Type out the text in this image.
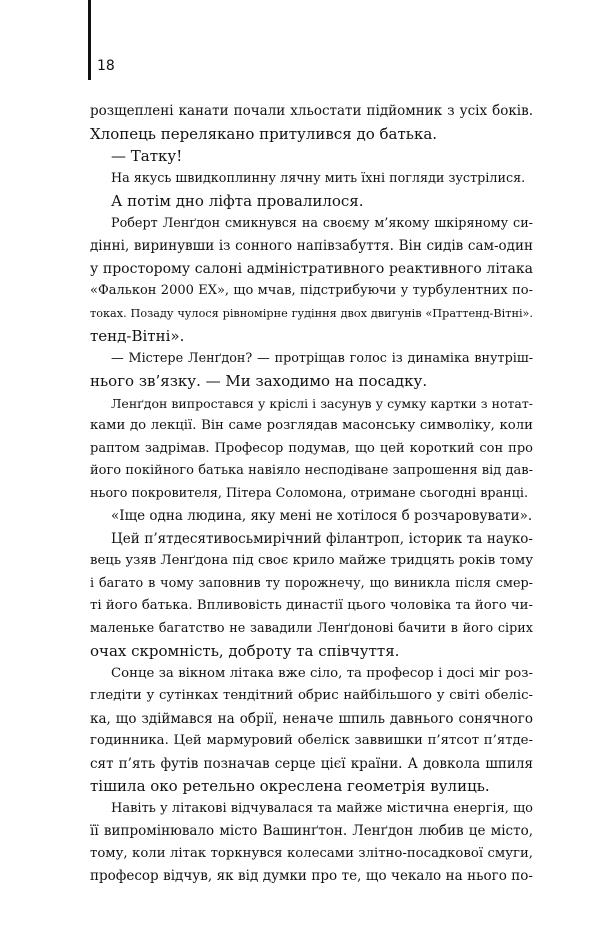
18
розщеплені канати почали хльостати підйомник з усіх боків.
Хлопець перелякано притулився до батька.
— Татку!
На якусь швидкоплинну лячну мить їхні погляди зустрілися.
А потім дно ліфта провалилося.
Роберт Ленґдон смикнувся на своєму м’якому шкіряному си-
дінні, виринувши із сонного напівзабуття. Він сидів сам-один
у просторому салоні адміністративного реактивного літака
«Фалькон 2000 ЕХ», що мчав, підстрибуючи у турбулентних по-
токах. Позаду чулося рівномірне гудіння двох двигунів «Праттенд-Вітні».
тенд-Вітні».
— Містере Ленґдон? — протріщав голос із динаміка внутріш-
нього зв’язку. — Ми заходимо на посадку.
Ленґдон випростався у кріслі і засунув у сумку картки з нотат-
ками до лекції. Він саме розглядав масонську символіку, коли
раптом задрімав. Професор подумав, що цей короткий сон про
його покійного батька навіяло несподіване запрошення від дав-
нього покровителя, Пітера Соломона, отримане сьогодні вранці.
«Іще одна людина, яку мені не хотілося б розчаровувати».
Цей п’ятдесятивосьмирічний філантроп, історик та науко-
вець узяв Ленґдона під своє крило майже тридцять років тому
і багато в чому заповнив ту порожнечу, що виникла після смер-
ті його батька. Впливовість династії цього чоловіка та його чи-
маленьке багатство не завадили Ленґдонові бачити в його сірих
очах скромність, доброту та співчуття.
Сонце за вікном літака вже сіло, та професор і досі міг роз-
гледіти у сутінках тендітний обрис найбільшого у світі обеліс-
ка, що здіймався на обрії, неначе шпиль давнього сонячного
годинника. Цей мармуровий обеліск заввишки п’ятсот п’ятде-
сят п’ять футів позначав серце цієї країни. А довкола шпиля
тішила око ретельно окреслена геометрія вулиць.
Навіть у літакові відчувалася та майже містична енергія, що
її випромінювало місто Вашинґтон. Ленґдон любив це місто,
тому, коли літак торкнувся колесами злітно-посадкової смуги,
професор відчув, як від думки про те, що чекало на нього по-
